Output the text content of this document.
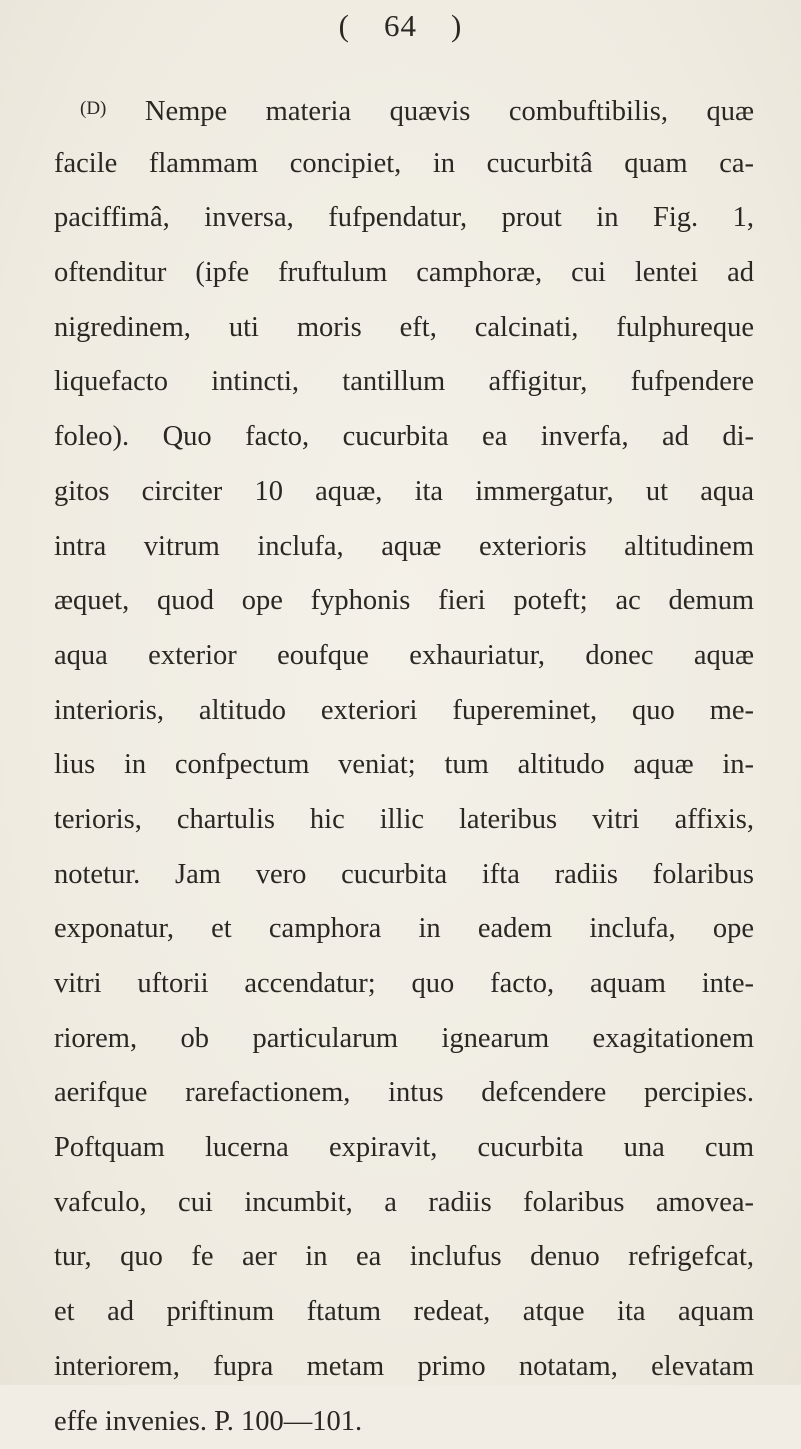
( 64 )
$^{(D)}$ Nempe materia quævis combuftibilis, quæ
facile flammam concipiet, in cucurbitâ quam ca-
paciffimâ, inversa, fufpendatur, prout in Fig. 1,
oftenditur (ipfe fruftulum camphoræ, cui lentei ad
nigredinem, uti moris eft, calcinati, fulphureque
liquefacto intincti, tantillum affigitur, fufpendere
foleo). Quo facto, cucurbita ea inverfa, ad di-
gitos circiter 10 aquæ, ita immergatur, ut aqua
intra vitrum inclufa, aquæ exterioris altitudinem
æquet, quod ope fyphonis fieri poteft; ac demum
aqua exterior eoufque exhauriatur, donec aquæ
interioris, altitudo exteriori fupereminet, quo me-
lius in confpectum veniat; tum altitudo aquæ in-
terioris, chartulis hic illic lateribus vitri affixis,
notetur. Jam vero cucurbita ifta radiis folaribus
exponatur, et camphora in eadem inclufa, ope
vitri uftorii accendatur; quo facto, aquam inte-
riorem, ob particularum ignearum exagitationem
aerifque rarefactionem, intus defcendere percipies.
Poftquam lucerna expiravit, cucurbita una cum
vafculo, cui incumbit, a radiis folaribus amovea-
tur, quo fe aer in ea inclufus denuo refrigefcat,
et ad priftinum ftatum redeat, atque ita aquam
interiorem, fupra metam primo notatam, elevatam
effe invenies. P. 100—101.
